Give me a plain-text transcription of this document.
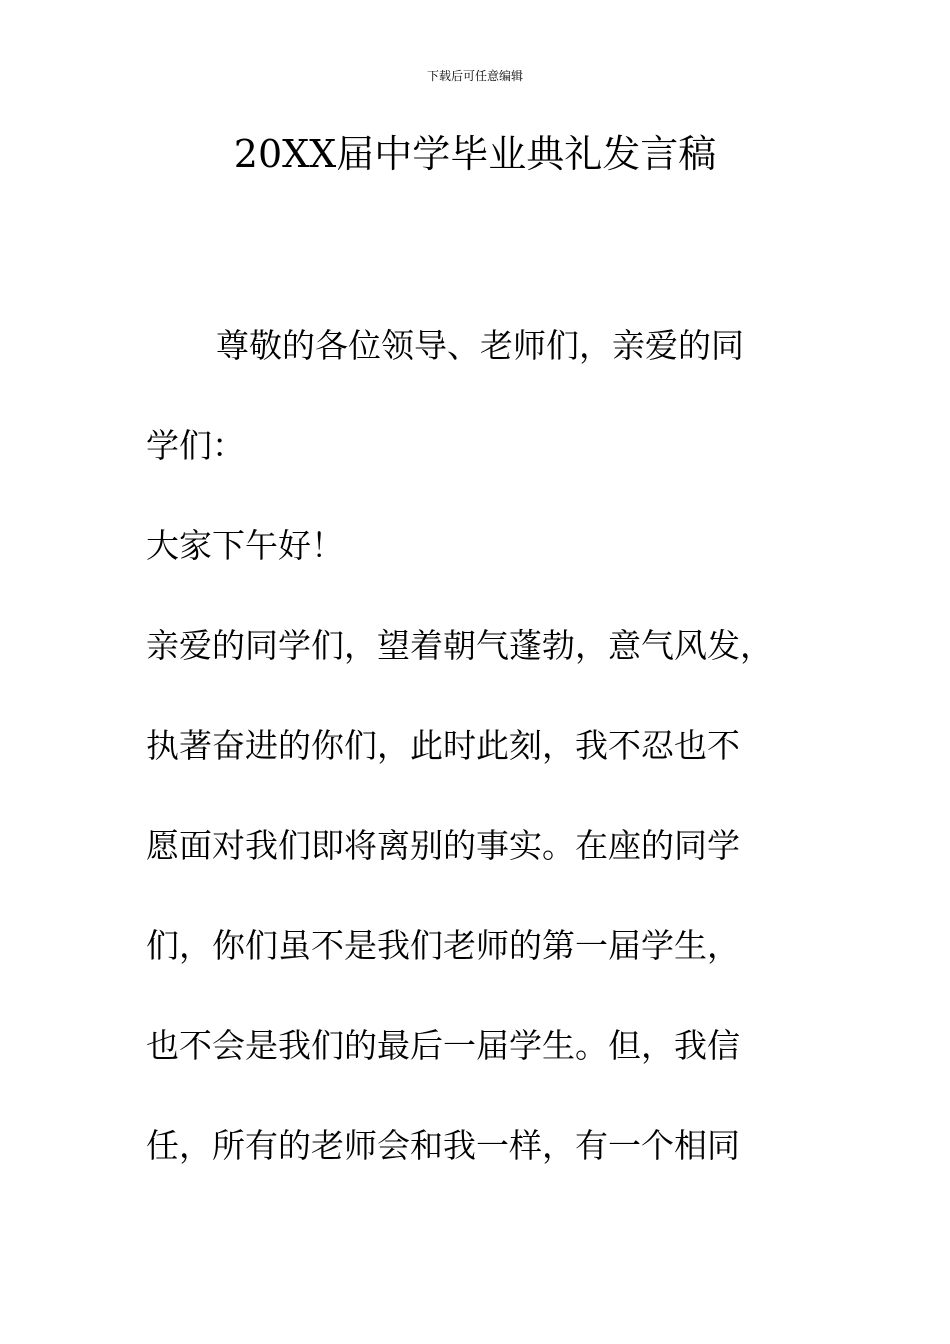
下载后可任意编辑
20XX届中学毕业典礼发言稿
尊敬的各位领导、老师们，亲爱的同
学们：
大家下午好！
亲爱的同学们，望着朝气蓬勃，意气风发，
执著奋进的你们，此时此刻，我不忍也不
愿面对我们即将离别的事实。在座的同学
们，你们虽不是我们老师的第一届学生，
也不会是我们的最后一届学生。但，我信
任，所有的老师会和我一样，有一个相同
